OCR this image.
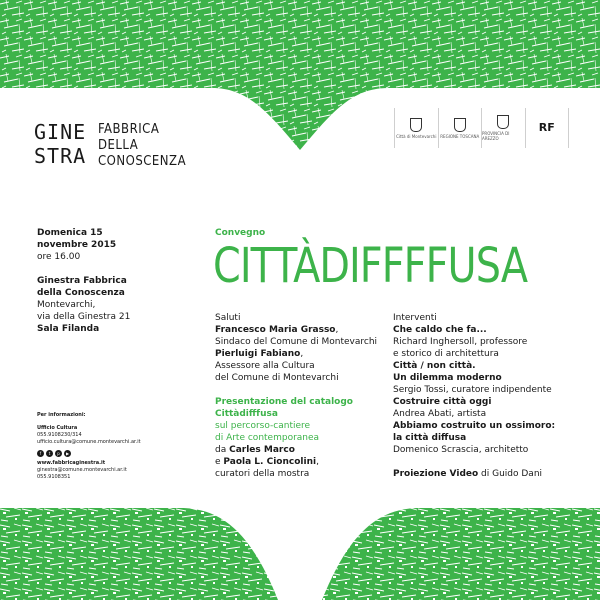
GINE
STRA
FABBRICA
DELLA
CONOSCENZA
Città di Montevarchi REGIONE TOSCANA PROVINCIA DI AREZZO
RF
Domenica 15
novembre 2015
ore 16.00
Ginestra Fabbrica
della Conoscenza
Montevarchi,
via della Ginestra 21
Sala Filanda
Per informazioni:
Ufficio Cultura
055.9108230/314
ufficio.cultura@comune.montevarchi.ar.it
f	t	p	▶
www.fabbricaginestra.it
ginestra@comune.montevarchi.ar.it
055.9108351
Convegno
CITTÀDIFFFFUSA
Saluti
Francesco Maria Grasso,
Sindaco del Comune di Montevarchi
Pierluigi Fabiano,
Assessore alla Cultura
del Comune di Montevarchi
Presentazione del catalogo
Cittàdifffusa
sul percorso-cantiere
di Arte contemporanea
da Carles Marco
e Paola L. Cioncolini,
curatori della mostra
Interventi
Che caldo che fa...
Richard Inghersoll, professore
e storico di architettura
Città / non città.
Un dilemma moderno
Sergio Tossi, curatore indipendente
Costruire città oggi
Andrea Abati, artista
Abbiamo costruito un ossimoro:
la città diffusa
Domenico Scrascia, architetto
Proiezione Video di Guido Dani
